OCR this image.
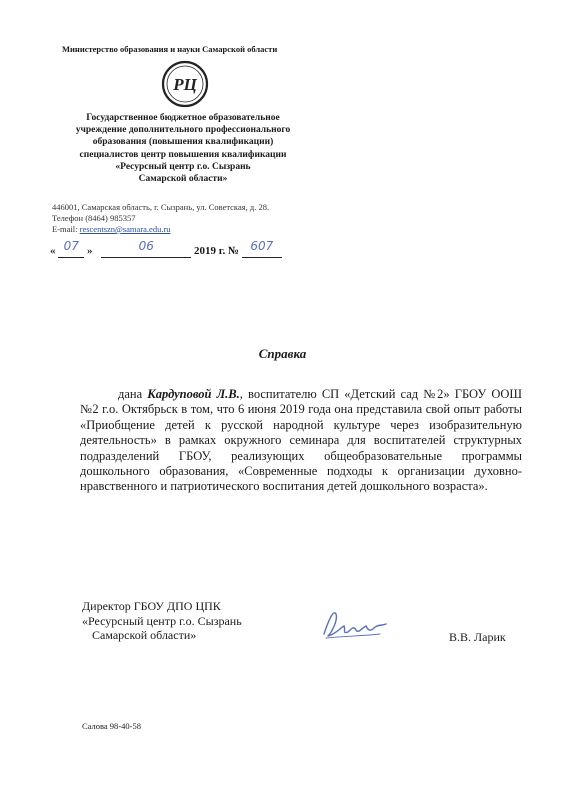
Министерство образования и науки Самарской области
РЦ
Государственное бюджетное образовательное
учреждение дополнительного профессионального
образования (повышения квалификации)
специалистов центр повышения квалификации
«Ресурсный центр г.о. Сызрань
Самарской области»
446001, Самарская область, г. Сызрань, ул. Советская, д. 28.
Телефон (8464) 985357
E-mail: rescentszn@samara.edu.ru
« 07 »	06	2019 г. № 607
Справка
дана Кардуповой Л.В., воспитателю СП «Детский сад №2» ГБОУ ООШ №2 г.о. Октябрьск в том, что 6 июня 2019 года она представила свой опыт работы «Приобщение детей к русской народной культуре через изобразительную деятельность» в рамках окружного семинара для воспитателей структурных подразделений ГБОУ, реализующих общеобразовательные программы дошкольного образования, «Современные подходы к организации духовно-нравственного и патриотического воспитания детей дошкольного возраста».
Директор ГБОУ ДПО ЦПК
«Ресурсный центр г.о. Сызрань
Самарской области»	В.В. Ларик
Салова 98-40-58
